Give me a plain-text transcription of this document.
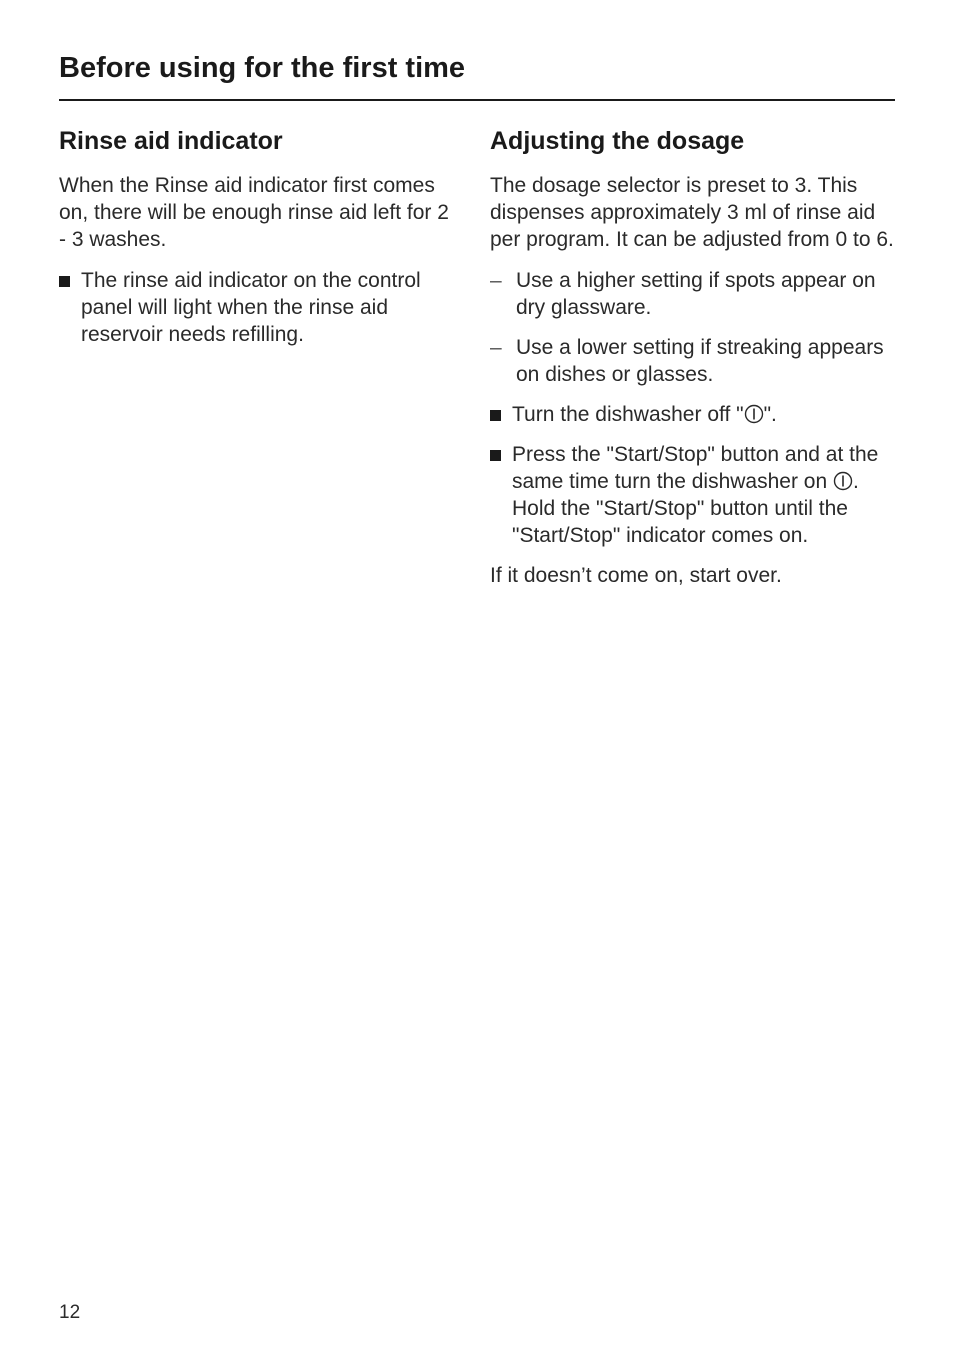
Before using for the first time
Rinse aid indicator

When the Rinse aid indicator first comes on, there will be enough rinse aid left for 2 - 3 washes.

The rinse aid indicator on the control panel will light when the rinse aid reservoir needs refilling.
Adjusting the dosage

The dosage selector is preset to 3. This dispenses approximately 3 ml of rinse aid per program. It can be adjusted from 0 to 6.

– Use a higher setting if spots appear on dry glassware.
– Use a lower setting if streaking appears on dishes or glasses.
Turn the dishwasher off " ".
Press the "Start/Stop" button and at the same time turn the dishwasher on . Hold the "Start/Stop" button until the "Start/Stop" indicator comes on.

If it doesn’t come on, start over.

12
